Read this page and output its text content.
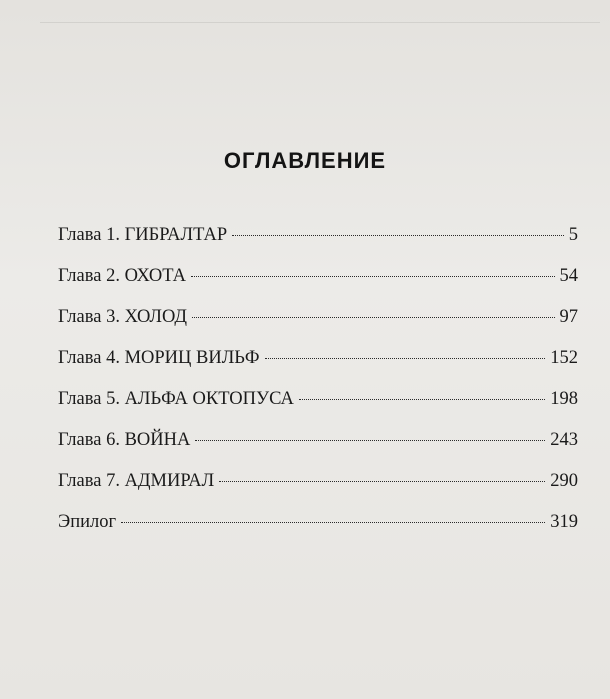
ОГЛАВЛЕНИЕ
Глава 1. ГИБРАЛТАР	5
Глава 2. ОХОТА	54
Глава 3. ХОЛОД	97
Глава 4. МОРИЦ ВИЛЬФ	152
Глава 5. АЛЬФА ОКТОПУСА	198
Глава 6. ВОЙНА	243
Глава 7. АДМИРАЛ	290
Эпилог	319
